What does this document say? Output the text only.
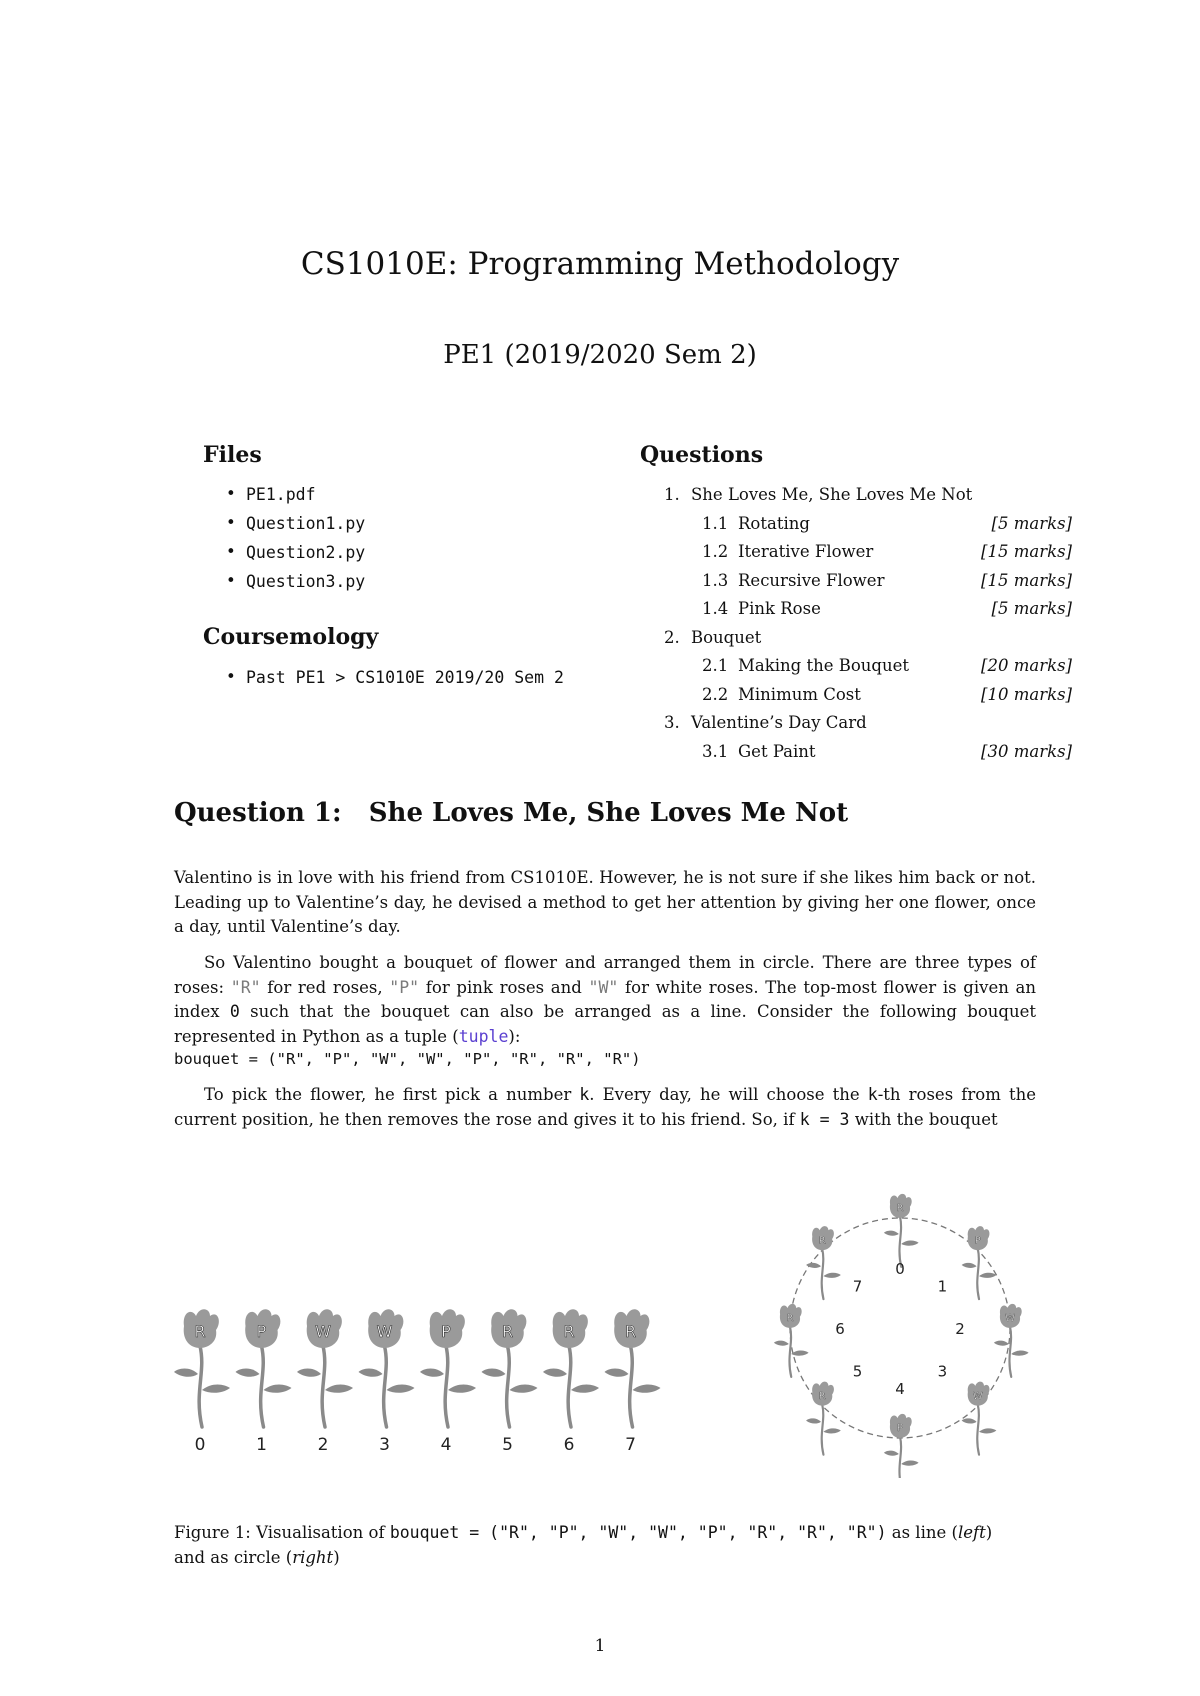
CS1010E: Programming Methodology
PE1 (2019/2020 Sem 2)
Files
• PE1.pdf
• Question1.py
• Question2.py
• Question3.py
Coursemology
• Past PE1 > CS1010E 2019/20 Sem 2
Questions
1. She Loves Me, She Loves Me Not
1.1 Rotating	[5 marks]
1.2 Iterative Flower	[15 marks]
1.3 Recursive Flower	[15 marks]
1.4 Pink Rose	[5 marks]
2. Bouquet
2.1 Making the Bouquet	[20 marks]
2.2 Minimum Cost	[10 marks]
3. Valentine’s Day Card
3.1 Get Paint	[30 marks]
Question 1:   She Loves Me, She Loves Me Not
Valentino is in love with his friend from CS1010E. However, he is not sure if she likes him back or not. Leading up to Valentine’s day, he devised a method to get her attention by giving her one flower, once a day, until Valentine’s day.
So Valentino bought a bouquet of flower and arranged them in circle. There are three types of roses: "R" for red roses, "P" for pink roses and "W" for white roses. The top-most flower is given an index 0 such that the bouquet can also be arranged as a line. Consider the following bouquet represented in Python as a tuple (tuple):
bouquet = ("R", "P", "W", "W", "P", "R", "R", "R")
To pick the flower, he first pick a number k. Every day, he will choose the k-th roses from the current position, he then removes the rose and gives it to his friend. So, if k = 3 with the bouquet
R
0
P
1
W
2
W
3
P
4
R
5
R
6
R
7
R
0
P
1
W
2
W
3
P
4
R
5
R
6
R
7
Figure 1: Visualisation of bouquet = ("R", "P", "W", "W", "P", "R", "R", "R") as line (left)
and as circle (right)
1
